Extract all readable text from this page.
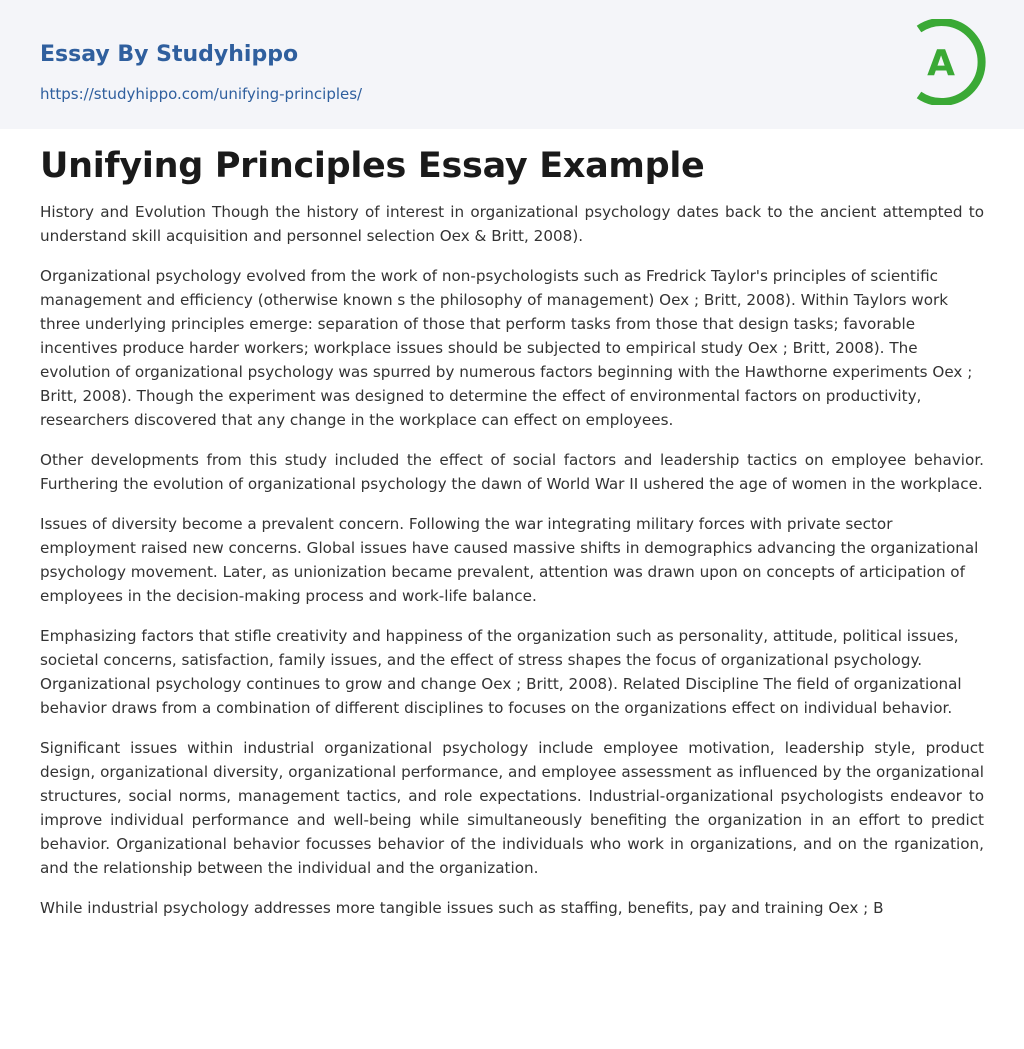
Essay By Studyhippo
https://studyhippo.com/unifying-principles/
A
Unifying Principles Essay Example

History and Evolution Though the history of interest in organizational psychology dates back to the ancient attempted to understand skill acquisition and personnel selection Oex & Britt, 2008).

Organizational psychology evolved from the work of non-psychologists such as Fredrick Taylor's principles of scientific management and efficiency (otherwise known s the philosophy of management) Oex ; Britt, 2008). Within Taylors work three underlying principles emerge: separation of those that perform tasks from those that design tasks; favorable incentives produce harder workers; workplace issues should be subjected to empirical study Oex ; Britt, 2008). The evolution of organizational psychology was spurred by numerous factors beginning with the Hawthorne experiments Oex ; Britt, 2008). Though the experiment was designed to determine the effect of environmental factors on productivity, researchers discovered that any change in the workplace can effect on employees.

Other developments from this study included the effect of social factors and leadership tactics on employee behavior. Furthering the evolution of organizational psychology the dawn of World War II ushered the age of women in the workplace.

Issues of diversity become a prevalent concern. Following the war integrating military forces with private sector employment raised new concerns. Global issues have caused massive shifts in demographics advancing the organizational psychology movement. Later, as unionization became prevalent, attention was drawn upon on concepts of articipation of employees in the decision-making process and work-life balance.

Emphasizing factors that stifle creativity and happiness of the organization such as personality, attitude, political issues, societal concerns, satisfaction, family issues, and the effect of stress shapes the focus of organizational psychology. Organizational psychology continues to grow and change Oex ; Britt, 2008). Related Discipline The field of organizational behavior draws from a combination of different disciplines to focuses on the organizations effect on individual behavior.

Significant issues within industrial organizational psychology include employee motivation, leadership style, product design, organizational diversity, organizational performance, and employee assessment as influenced by the organizational structures, social norms, management tactics, and role expectations. Industrial-organizational psychologists endeavor to improve individual performance and well-being while simultaneously benefiting the organization in an effort to predict behavior. Organizational behavior focusses behavior of the individuals who work in organizations, and on the rganization, and the relationship between the individual and the organization.

While industrial psychology addresses more tangible issues such as staffing, benefits, pay and training Oex ; B
